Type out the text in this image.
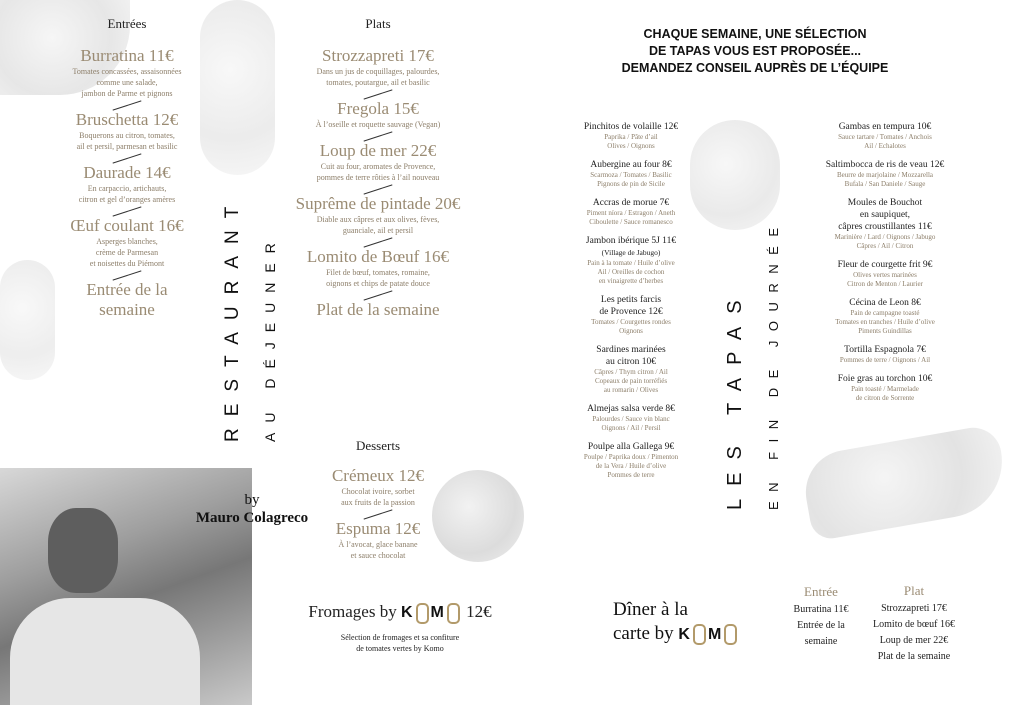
Entrées
Burratina 11€
Tomates concassées, assaisonnées
comme une salade,
jambon de Parme et pignons
Bruschetta 12€
Boquerons au citron, tomates,
ail et persil, parmesan et basilic
Daurade 14€
En carpaccio, artichauts,
citron et gel d’oranges amères
Œuf coulant 16€
Asperges blanches,
crème de Parmesan
et noisettes du Piémont
Entrée de la semaine	RESTAURANT AU DÉJEUNER
Plats
Strozzapreti 17€
Dans un jus de coquillages, palourdes,
tomates, poutargue, ail et basilic
Fregola 15€
À l’oseille et roquette sauvage (Vegan)
Loup de mer 22€
Cuit au four, aromates de Provence,
pommes de terre rôties à l’ail nouveau
Suprême de pintade 20€
Diable aux câpres et aux olives, fèves,
guanciale, ail et persil
Lomito de Bœuf 16€
Filet de bœuf, tomates, romaine,
oignons et chips de patate douce
Plat de la semaine
Desserts
Crémeux 12€
Chocolat ivoire, sorbet
aux fruits de la passion
Espuma 12€
À l’avocat, glace banane
et sauce chocolat
Fromages by K M 12€
Sélection de fromages et sa confiture
de tomates vertes by Komo
by
Mauro Colagreco
CHAQUE SEMAINE, UNE SÉLECTION
DE TAPAS VOUS EST PROPOSÉE...
DEMANDEZ CONSEIL AUPRÈS DE L’ÉQUIPE
Pinchitos de volaille 12€
Paprika / Pâte d’ail
Olives / Oignons
Aubergine au four 8€
Scarmoza / Tomates / Basilic
Pignons de pin de Sicile
Accras de morue 7€
Piment níora / Estragon / Aneth
Ciboulette / Sauce romanesco
Jambon ibérique 5J 11€
(Village de Jabugo)
Pain à la tomate / Huile d’olive
Ail / Oreilles de cochon
en vinaigrette d’herbes
Les petits farcis
de Provence 12€
Tomates / Courgettes rondes
Oignons
Sardines marinées
au citron 10€
Câpres / Thym citron / Ail
Copeaux de pain torréfiés
au romarin / Olives
Almejas salsa verde 8€
Palourdes / Sauce vin blanc
Oignons / Ail / Persil
Poulpe alla Gallega 9€
Poulpe / Paprika doux / Pimenton
de la Vera / Huile d’olive
Pommes de terre	LES TAPAS EN FIN DE JOURNÉE
Gambas en tempura 10€
Sauce tartare / Tomates / Anchois
Ail / Echalotes
Saltimbocca de ris de veau 12€
Beurre de marjolaine / Mozzarella
Bufala / San Daniele / Sauge
Moules de Bouchot
en saupiquet,
câpres croustillantes 11€
Marinière / Lard / Oignons / Jabugo
Câpres / Ail / Citron
Fleur de courgette frit 9€
Olives vertes marinées
Citron de Menton / Laurier
Cécina de Leon 8€
Pain de campagne toasté
Tomates en tranches / Huile d’olive
Piments Guindillas
Tortilla Espagnola 7€
Pommes de terre / Oignons / Ail
Foie gras au torchon 10€
Pain toasté / Marmelade
de citron de Sorrente
Dîner à la
carte by K M
Entrée
Burratina 11€
Entrée de la
semaine
Plat
Strozzapreti 17€
Lomito de bœuf 16€
Loup de mer 22€
Plat de la semaine
